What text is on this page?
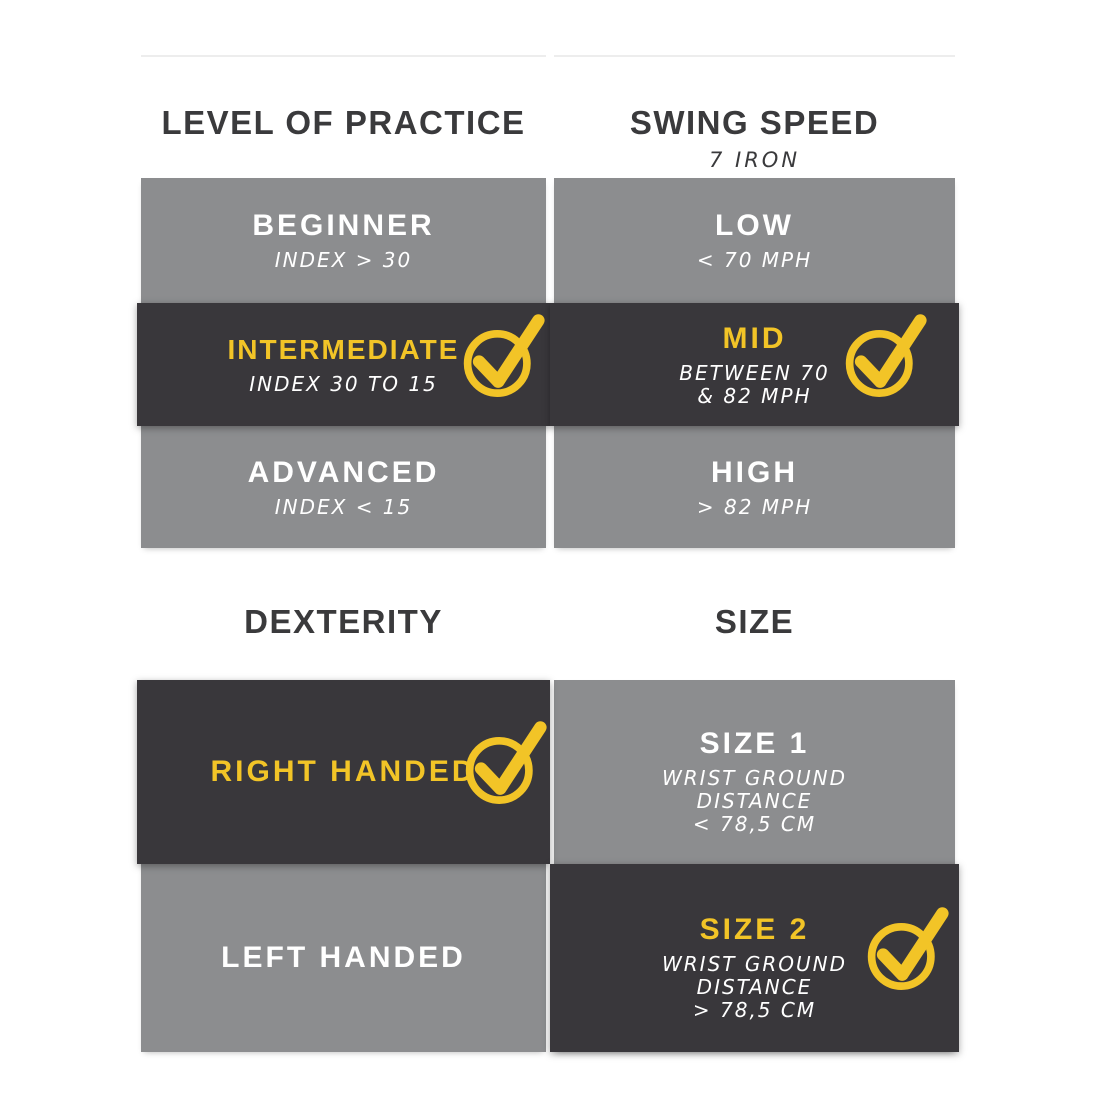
LEVEL OF PRACTICE	SWING SPEED
7 IRON
DEXTERITY	SIZE
BEGINNER
INDEX > 30
INTERMEDIATE
INDEX 30 TO 15
ADVANCED
INDEX < 15
LOW
< 70 MPH
MID
BETWEEN 70
& 82 MPH
HIGH
> 82 MPH
RIGHT HANDED
LEFT HANDED
SIZE 1
WRIST GROUND
DISTANCE
< 78,5 CM
SIZE 2
WRIST GROUND
DISTANCE
> 78,5 CM
